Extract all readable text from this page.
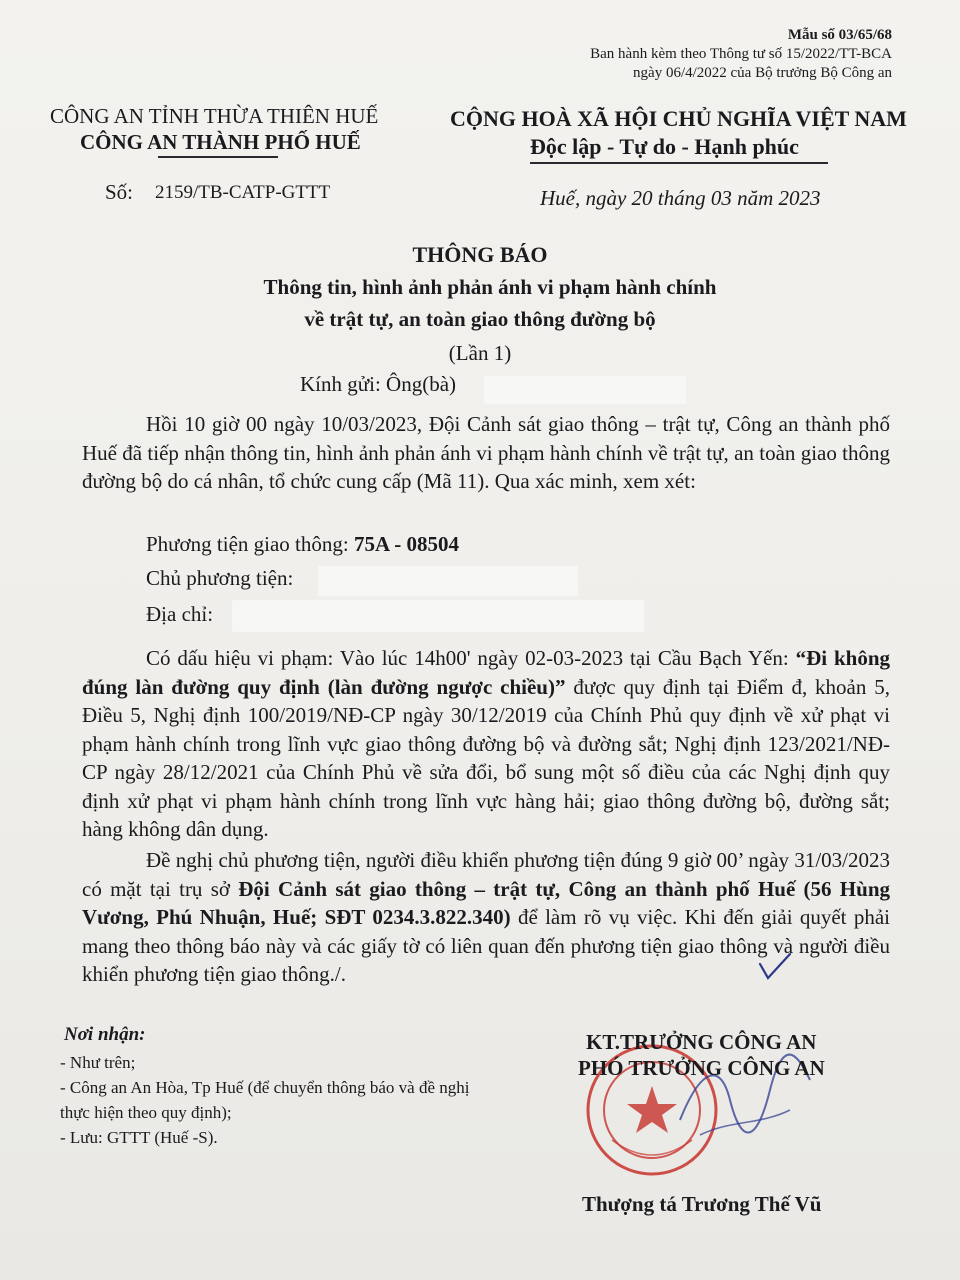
Mẫu số 03/65/68
Ban hành kèm theo Thông tư số 15/2022/TT-BCA
ngày 06/4/2022 của Bộ trưởng Bộ Công an
CÔNG AN TỈNH THỪA THIÊN HUẾ
CÔNG AN THÀNH PHỐ HUẾ
CỘNG HOÀ XÃ HỘI CHỦ NGHĨA VIỆT NAM
Độc lập - Tự do - Hạnh phúc
Số: 2159/TB-CATP-GTTT	Huế, ngày 20 tháng 03 năm 2023
THÔNG BÁO
Thông tin, hình ảnh phản ánh vi phạm hành chính
về trật tự, an toàn giao thông đường bộ
(Lần 1)
Kính gửi: Ông(bà)
Hồi 10 giờ 00 ngày 10/03/2023, Đội Cảnh sát giao thông – trật tự, Công an thành phố Huế đã tiếp nhận thông tin, hình ảnh phản ánh vi phạm hành chính về trật tự, an toàn giao thông đường bộ do cá nhân, tổ chức cung cấp (Mã 11). Qua xác minh, xem xét:
Phương tiện giao thông: 75A - 08504
Chủ phương tiện:
Địa chỉ:
Có dấu hiệu vi phạm: Vào lúc 14h00' ngày 02-03-2023 tại Cầu Bạch Yến: “Đi không đúng làn đường quy định (làn đường ngược chiều)” được quy định tại Điểm đ, khoản 5, Điều 5, Nghị định 100/2019/NĐ-CP ngày 30/12/2019 của Chính Phủ quy định về xử phạt vi phạm hành chính trong lĩnh vực giao thông đường bộ và đường sắt; Nghị định 123/2021/NĐ-CP ngày 28/12/2021 của Chính Phủ về sửa đổi, bổ sung một số điều của các Nghị định quy định xử phạt vi phạm hành chính trong lĩnh vực hàng hải; giao thông đường bộ, đường sắt; hàng không dân dụng.
Đề nghị chủ phương tiện, người điều khiển phương tiện đúng 9 giờ 00’ ngày 31/03/2023 có mặt tại trụ sở Đội Cảnh sát giao thông – trật tự, Công an thành phố Huế (56 Hùng Vương, Phú Nhuận, Huế; SĐT 0234.3.822.340) để làm rõ vụ việc. Khi đến giải quyết phải mang theo thông báo này và các giấy tờ có liên quan đến phương tiện giao thông và người điều khiển phương tiện giao thông./.
Nơi nhận:
- Như trên;
- Công an An Hòa, Tp Huế (để chuyển thông báo và đề nghị thực hiện theo quy định);
- Lưu: GTTT (Huế -S).
KT.TRƯỞNG CÔNG AN
PHÓ TRƯỞNG CÔNG AN
Thượng tá Trương Thế Vũ
